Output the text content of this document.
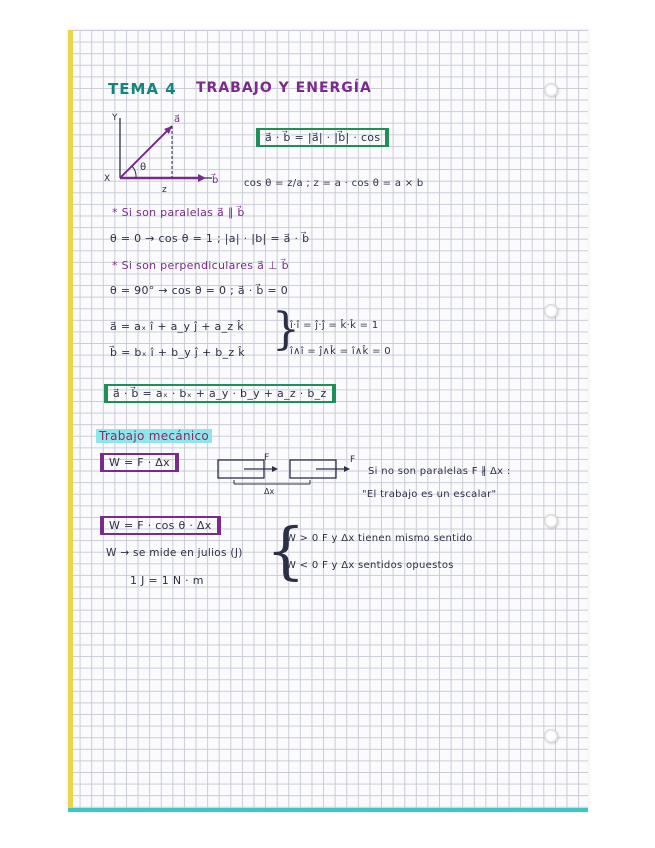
TEMA 4 TRABAJO Y ENERGÍA
Y
X
a⃗
b⃗
θ
z
a⃗ · b⃗ = |a⃗| · |b⃗| · cos
cos θ = z/a ; z = a · cos θ = a × b
* Si son paralelas a⃗ ∥ b⃗
θ = 0 → cos θ = 1 ; |a| · |b| = a⃗ · b⃗
* Si son perpendiculares a⃗ ⊥ b⃗
θ = 90° → cos θ = 0 ; a⃗ · b⃗ = 0
a⃗ = aₓ î + a_y ĵ + a_z k̂
b⃗ = bₓ î + b_y ĵ + b_z k̂ }
î·î = ĵ·ĵ = k̂·k̂ = 1
î∧î = ĵ∧k̂ = î∧k̂ = 0
a⃗ · b⃗ = aₓ · bₓ + a_y · b_y + a_z · b_z
Trabajo mecánico
W = F · Δx	F	F
Δx
Si no son paralelas F ∦ Δx :
"El trabajo es un escalar"
W = F · cos θ · Δx
W → se mide en julios (J)
1 J = 1 N · m {
W > 0 F y Δx tienen mismo sentido
W < 0 F y Δx sentidos opuestos
